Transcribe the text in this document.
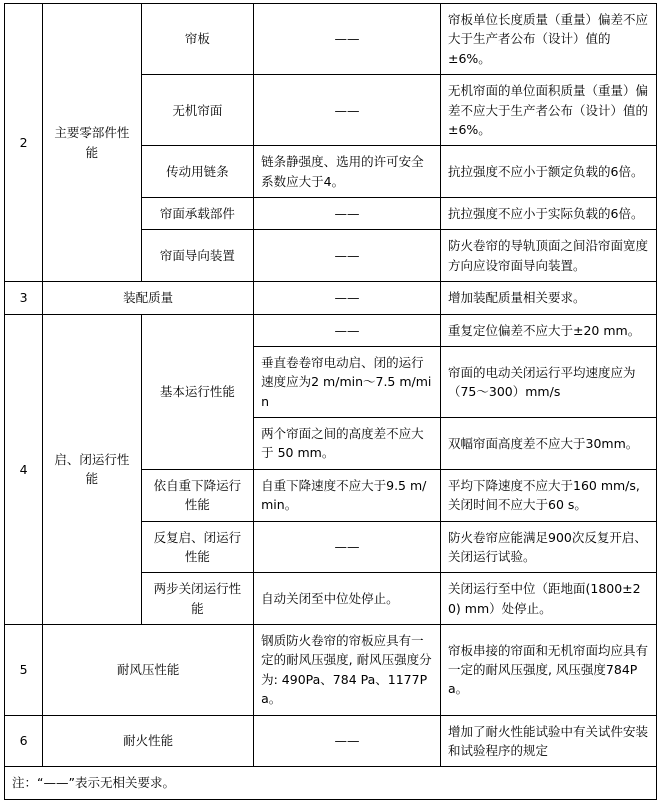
2	主要零部件性能	帘板	——	帘板单位长度质量（重量）偏差不应大于生产者公布（设计）值的±6%。
		无机帘面	——	无机帘面的单位面积质量（重量）偏差不应大于生产者公布（设计）值的±6%。
		传动用链条	链条静强度、选用的许可安全系数应大于4。	抗拉强度不应小于额定负载的6倍。
		帘面承载部件	——	抗拉强度不应小于实际负载的6倍。
		帘面导向装置	——	防火卷帘的导轨顶面之间沿帘面宽度方向应设帘面导向装置。
3	装配质量		——	增加装配质量相关要求。
4	启、闭运行性能	基本运行性能	——	重复定位偏差不应大于±20 mm。
			垂直卷卷帘电动启、闭的运行速度应为2 m/min～7.5 m/min	帘面的电动关闭运行平均速度应为（75～300）mm/s
			两个帘面之间的高度差不应大于 50 mm。	双幅帘面高度差不应大于30mm。
		依自重下降运行性能	自重下降速度不应大于9.5 m/min。	平均下降速度不应大于160 mm/s, 关闭时间不应大于60 s。
		反复启、闭运行性能	——	防火卷帘应能满足900次反复开启、关闭运行试验。
		两步关闭运行性能	自动关闭至中位处停止。	关闭运行至中位（距地面(1800±20) mm）处停止。
5	耐风压性能		钢质防火卷帘的帘板应具有一定的耐风压强度, 耐风压强度分为: 490Pa、784 Pa、1177Pa。	帘板串接的帘面和无机帘面均应具有一定的耐风压强度, 风压强度784Pa。
6	耐火性能		——	增加了耐火性能试验中有关试件安装和试验程序的规定
注：“——”表示无相关要求。				
